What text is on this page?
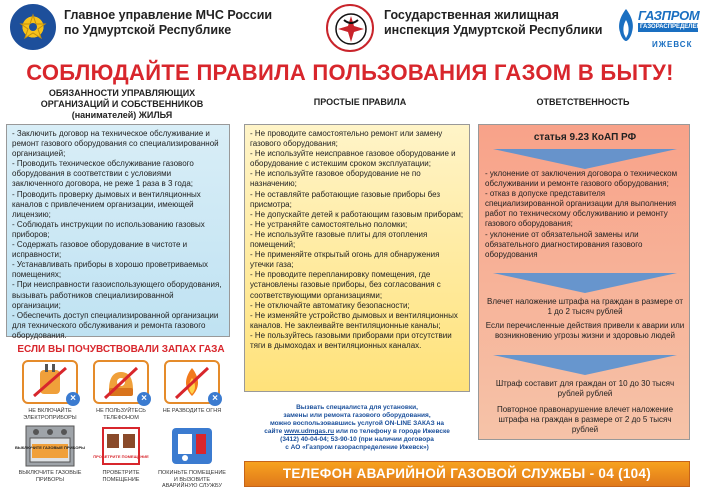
Главное управление МЧС России
по Удмуртской Республике
Государственная жилищная
инспекция Удмуртской Республики
ГАЗПРОМ
ГАЗОРАСПРЕДЕЛЕНИЕ
ИЖЕВСК
СОБЛЮДАЙТЕ ПРАВИЛА ПОЛЬЗОВАНИЯ ГАЗОМ В БЫТУ!
ОБЯЗАННОСТИ УПРАВЛЯЮЩИХ
ОРГАНИЗАЦИЙ И СОБСТВЕННИКОВ
(нанимателей) ЖИЛЬЯ
ПРОСТЫЕ ПРАВИЛА	ОТВЕТСТВЕННОСТЬ

- Заключить договор на техническое обслуживание и ремонт газового оборудования со специализированной организацией;

- Проводить техническое обслуживание газового оборудования в соответствии с условиями заключенного договора, не реже 1 раза в 3 года;

- Проводить проверку дымовых и вентиляционных каналов с привлечением организации, имеющей лицензию;

- Соблюдать инструкции по использованию газовых приборов;

- Содержать газовое оборудование в чистоте и исправности;

- Устанавливать приборы в хорошо проветриваемых помещениях;

- При неисправности газоиспользующего оборудования, вызывать работников специализированной организации;

- Обеспечить доступ специализированной организации для технического обслуживания и ремонта газового оборудования.

- Не проводите самостоятельно ремонт или замену газового оборудования;

- Не используйте неисправное газовое оборудование и оборудование с истекшим сроком эксплуатации;

- Не используйте газовое оборудование не по назначению;

- Не оставляйте работающие газовые приборы без присмотра;

- Не допускайте детей к работающим газовым приборам;

- Не устраняйте самостоятельно поломки;

- Не используйте газовые плиты для отопления помещений;

- Не применяйте открытый огонь для обнаружения утечки газа;

- Не проводите перепланировку помещения, где установлены газовые приборы, без согласования с соответствующими организациями;

- Не отключайте автоматику безопасности;

- Не изменяйте устройство дымовых и вентиляционных каналов. Не заклеивайте вентиляционные каналы;

- Не пользуйтесь газовыми приборами при отсутствии тяги в дымоходах и вентиляционных каналах.

статья 9.23 КоАП РФ

- уклонение от заключения договора о техническом обслуживании и ремонте газового оборудования;

- отказ в допуске представителя специализированной организации для выполнения работ по техническому обслуживанию и ремонту газового оборудования;

- уклонение от обязательной замены или обязательного диагностирования газового оборудования

Влечет наложение штрафа на граждан в размере от 1 до 2 тысяч рублей
Если перечисленные действия привели к аварии или возникновению угрозы жизни и здоровью людей
Штраф составит для граждан от 10 до 30 тысяч рублей рублей
Повторное правонарушение влечет наложение штрафа на граждан в размере от 2 до 5 тысяч рублей
ЕСЛИ ВЫ ПОЧУВСТВОВАЛИ ЗАПАХ ГАЗА
×
НЕ ВКЛЮЧАЙТЕ ЭЛЕКТРОПРИБОРЫ
×
НЕ ПОЛЬЗУЙТЕСЬ ТЕЛЕФОНОМ
×
НЕ РАЗВОДИТЕ ОГНЯ
ВЫКЛЮЧИТЕ ГАЗОВЫЕ ПРИБОРЫ
ВЫКЛЮЧИТЕ ГАЗОВЫЕ ПРИБОРЫ
ПРОВЕТРИТЕ ПОМЕЩЕНИЕ
ПРОВЕТРИТЕ ПОМЕЩЕНИЕ
ПОКИНЬТЕ ПОМЕЩЕНИЕ И ВЫЗОВИТЕ АВАРИЙНУЮ СЛУЖБУ
Вызвать специалиста для установки,
замены или ремонта газового оборудования,
можно воспользовавшись услугой ON-LINE ЗАКАЗ на
сайте www.udmgas.ru или по телефону в городе Ижевске
(3412) 40-04-04; 53-90-10 (при наличии договора
с АО «Газпром газораспределение Ижевск»)
ТЕЛЕФОН АВАРИЙНОЙ ГАЗОВОЙ СЛУЖБЫ - 04 (104)
